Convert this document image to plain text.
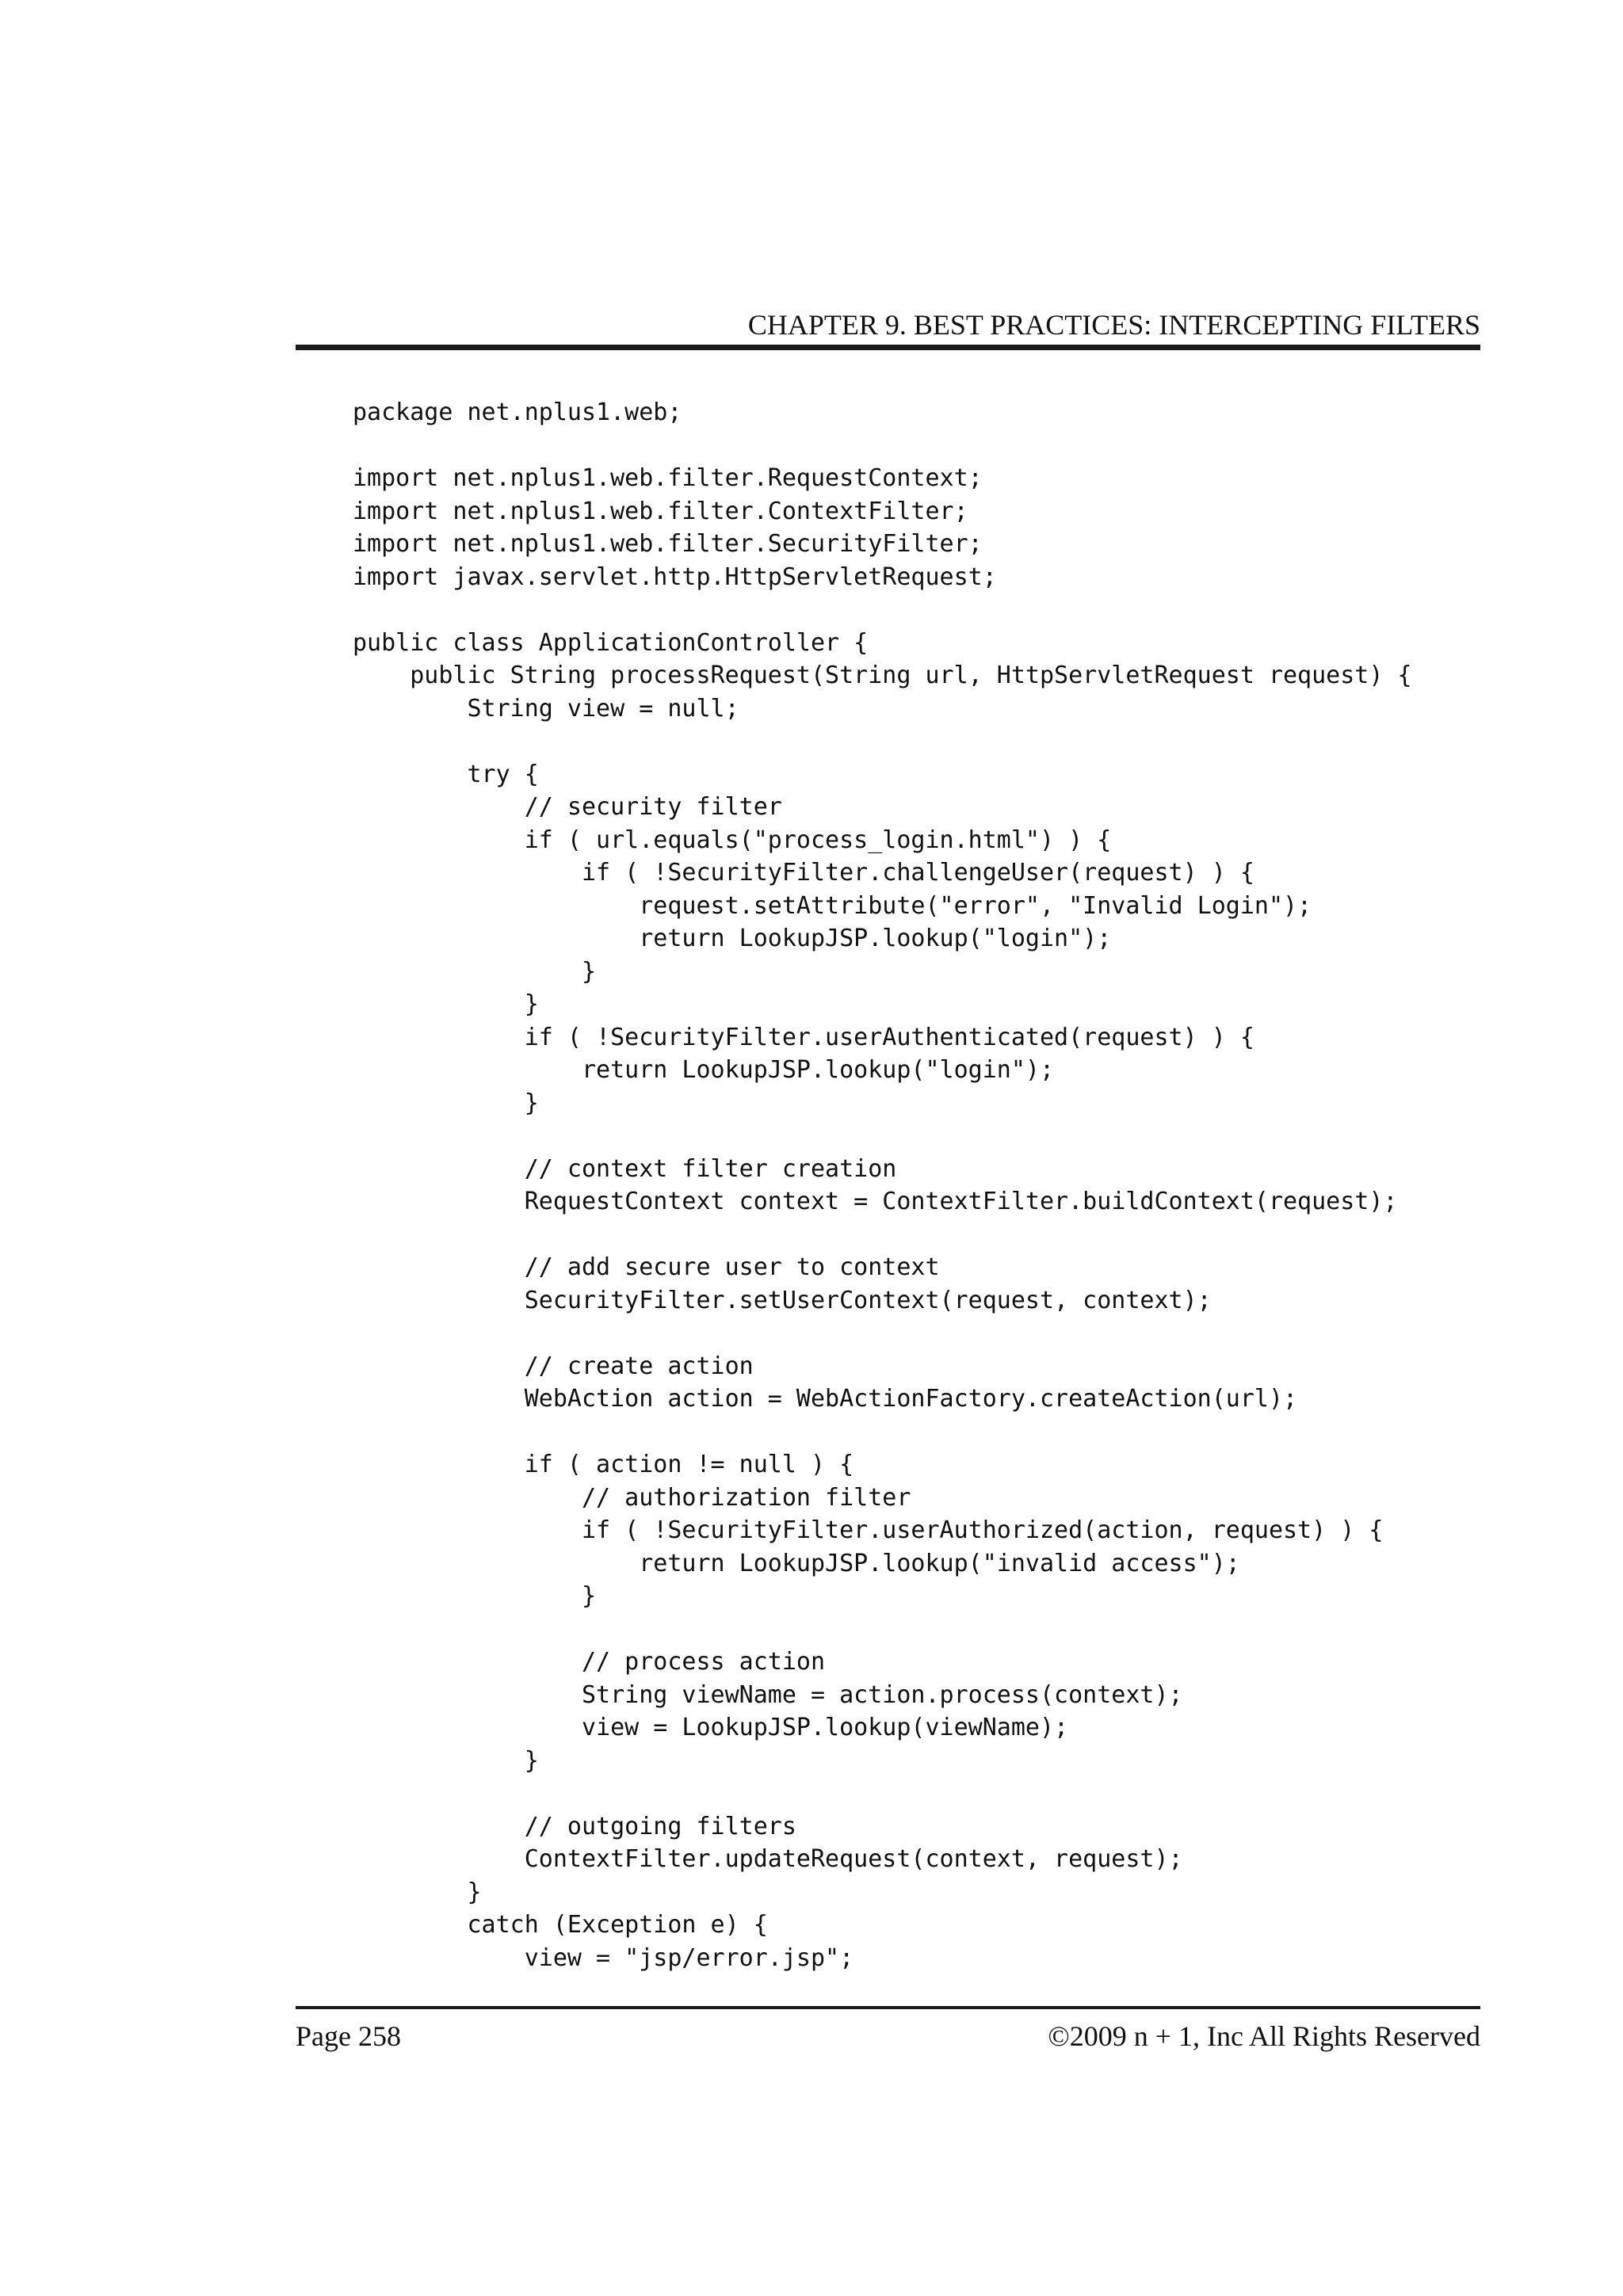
CHAPTER 9. BEST PRACTICES: INTERCEPTING FILTERS
package net.nplus1.web;
import net.nplus1.web.filter.RequestContext;
import net.nplus1.web.filter.ContextFilter;
import net.nplus1.web.filter.SecurityFilter;
import javax.servlet.http.HttpServletRequest;
public class ApplicationController {
public String processRequest(String url, HttpServletRequest request) {
String view = null;
try {
// security filter
if ( url.equals("process_login.html") ) {
if ( !SecurityFilter.challengeUser(request) ) {
request.setAttribute("error", "Invalid Login");
return LookupJSP.lookup("login");
}
}
if ( !SecurityFilter.userAuthenticated(request) ) {
return LookupJSP.lookup("login");
}
// context filter creation
RequestContext context = ContextFilter.buildContext(request);
// add secure user to context
SecurityFilter.setUserContext(request, context);
// create action
WebAction action = WebActionFactory.createAction(url);
if ( action != null ) {
// authorization filter
if ( !SecurityFilter.userAuthorized(action, request) ) {
return LookupJSP.lookup("invalid access");
}
// process action
String viewName = action.process(context);
view = LookupJSP.lookup(viewName);
}
// outgoing filters
ContextFilter.updateRequest(context, request);
}
catch (Exception e) {
view = "jsp/error.jsp";
Page 258	©2009 n + 1, Inc All Rights Reserved
